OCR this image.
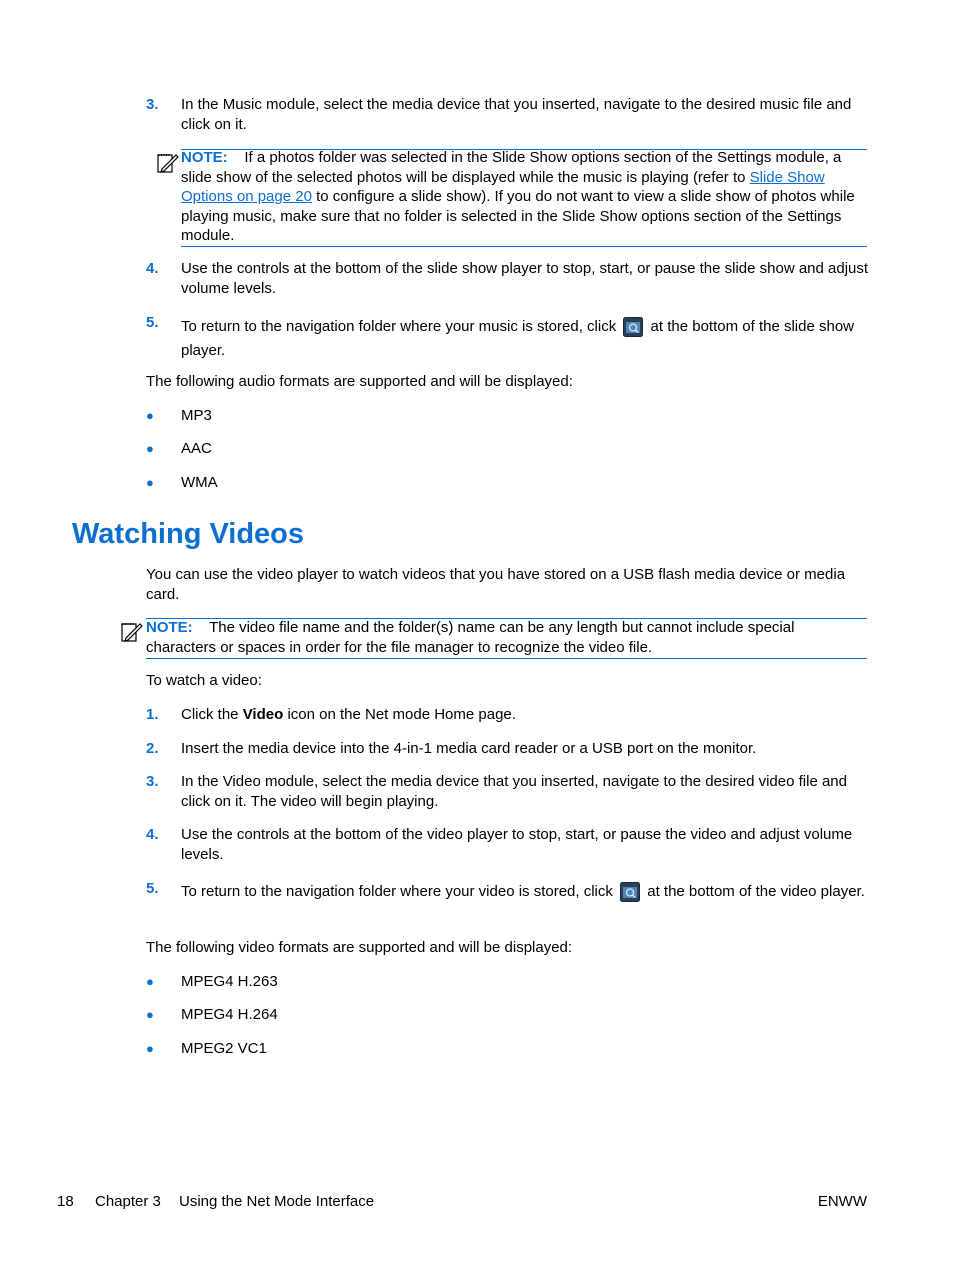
3. In the Music module, select the media device that you inserted, navigate to the desired music file and click on it.
NOTE: If a photos folder was selected in the Slide Show options section of the Settings module, a slide show of the selected photos will be displayed while the music is playing (refer to Slide Show Options on page 20 to configure a slide show). If you do not want to view a slide show of photos while playing music, make sure that no folder is selected in the Slide Show options section of the Settings module.
4. Use the controls at the bottom of the slide show player to stop, start, or pause the slide show and adjust volume levels.
5. To return to the navigation folder where your music is stored, click at the bottom of the slide show player.
The following audio formats are supported and will be displayed:
● MP3
● AAC
● WMA
Watching Videos
You can use the video player to watch videos that you have stored on a USB flash media device or media card.
NOTE: The video file name and the folder(s) name can be any length but cannot include special characters or spaces in order for the file manager to recognize the video file.
To watch a video:
1. Click the Video icon on the Net mode Home page.
2. Insert the media device into the 4-in-1 media card reader or a USB port on the monitor.
3. In the Video module, select the media device that you inserted, navigate to the desired video file and click on it. The video will begin playing.
4. Use the controls at the bottom of the video player to stop, start, or pause the video and adjust volume levels.
5. To return to the navigation folder where your video is stored, click at the bottom of the video player.
The following video formats are supported and will be displayed:
● MPEG4 H.263
● MPEG4 H.264
● MPEG2 VC1
18 Chapter 3 Using the Net Mode Interface	ENWW
